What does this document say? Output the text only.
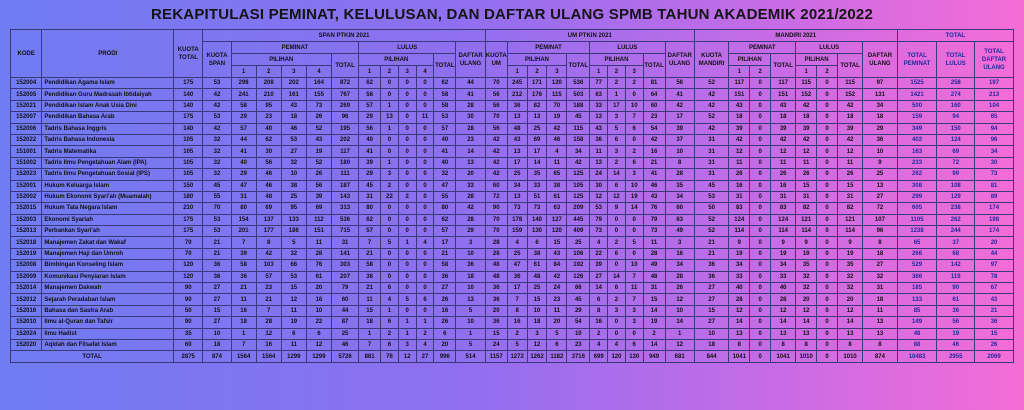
REKAPITULASI PEMINAT, KELULUSAN, DAN DAFTAR ULANG SPMB TAHUN AKADEMIK 2021/2022
KODE	PRODI	KUOTA TOTAL	SPAN PTKIN 2021												UM PTKIN 2021										MANDIRI 2021								TOTAL		
			KUOTA SPAN	PEMINAT					LULUS					DAFTAR ULANG	KUOTA UM	PEMINAT				LULUS				DAFTAR ULANG	KUOTA MANDIRI	PEMINAT			LULUS			DAFTAR ULANG	TOTAL PEMINAT	TOTAL LULUS	TOTAL DAFTAR ULANG
				PILIHAN				TOTAL	PILIHAN				TOTAL			PILIHAN			TOTAL	PILIHAN			TOTAL			PILIHAN		TOTAL	PILIHAN		TOTAL				
				1	2	3	4		1	2	3	4				1	2	3		1	2	3				1	2		1	2					
152004	Pendidikan Agama Islam	175	53	298	208	202	164	872	62	0	0	0	62	44	70	245	171	120	536	77	2	2	81	56	52	117	0	117	115	0	115	97	1525	258	197
152005	Pendidikan Guru Madrasah Ibtidaiyah	140	42	241	210	161	155	767	58	0	0	0	58	41	56	212	176	115	503	63	1	0	64	41	42	151	0	151	152	0	152	131	1421	274	213
152021	Pendidikan Islam Anak Usia Dini	140	42	58	95	43	73	269	57	1	0	0	58	28	56	36	82	70	188	33	17	10	60	42	42	43	0	43	42	0	42	34	500	160	104
152007	Pendidikan Bahasa Arab	175	53	29	23	18	26	96	29	13	0	11	53	30	70	13	13	19	45	13	3	7	23	17	52	18	0	18	18	0	18	18	159	94	65
152006	Tadris Bahasa Inggris	140	42	57	40	46	52	195	56	1	0	0	57	28	56	48	25	42	115	43	5	6	54	39	42	39	0	39	39	0	39	29	349	150	94
152022	Tadris Bahasa Indonesia	105	32	44	62	53	43	202	40	0	0	0	40	23	42	43	69	46	158	36	6	0	42	37	31	42	0	42	42	0	42	36	402	124	96
151001	Tadris Matematika	105	32	41	30	27	19	117	41	0	0	0	41	14	42	13	17	4	34	11	3	2	16	10	31	12	0	12	12	0	12	10	163	69	34
151002	Tadris Ilmu Pengetahuan Alam (IPA)	105	32	40	56	32	52	180	39	1	0	0	40	13	42	17	14	11	42	13	2	6	21	8	31	11	0	11	11	0	11	9	233	72	30
152023	Tadris Ilmu Pengetahuan Sosial (IPS)	105	32	29	46	10	26	111	29	3	0	0	32	20	42	25	35	65	125	24	14	3	41	28	31	26	0	26	26	0	26	25	262	99	73
152001	Hukum Keluarga Islam	150	45	47	46	38	56	187	45	2	0	0	47	33	60	34	33	38	105	30	6	10	46	35	45	16	0	16	15	0	15	13	308	108	81
152002	Hukum Ekonomi Syari'ah (Muamalah)	180	55	31	48	25	39	143	31	22	2	0	55	28	72	13	51	61	125	12	12	19	43	34	53	31	0	31	31	0	31	27	299	129	89
152015	Hukum Tata Negara Islam	210	70	80	69	95	69	313	80	0	0	0	80	42	90	73	73	63	209	53	9	14	76	60	50	83	0	83	82	0	82	72	605	238	174
152003	Ekonomi Syariah	175	53	154	137	133	112	536	62	0	0	0	62	28	70	178	140	127	445	79	0	0	79	63	52	124	0	124	121	0	121	107	1105	262	198
152013	Perbankan Syari'ah	175	53	201	177	186	151	715	57	0	0	0	57	29	70	159	130	120	409	73	0	0	73	49	52	114	0	114	114	0	114	96	1238	244	174
152018	Manajemen Zakat dan Wakaf	70	21	7	8	5	11	31	7	5	1	4	17	3	28	4	6	15	25	4	2	5	11	3	21	9	0	9	9	0	9	8	65	37	20
152019	Manajemen Haji dan Umroh	70	21	39	42	32	28	141	21	0	0	0	21	10	28	25	38	43	106	22	6	0	28	16	21	19	0	19	19	0	19	18	266	68	44
152008	Bimbingan Konseling Islam	120	36	58	103	66	76	303	58	0	0	0	58	36	48	47	61	84	192	39	0	10	49	34	36	34	0	34	35	0	35	27	529	142	97
152009	Komunikasi Penyiaran Islam	120	36	36	57	53	61	207	36	0	0	0	36	18	48	36	48	42	126	27	14	7	48	28	36	33	0	33	32	0	32	32	366	119	78
152014	Manajemen Dakwah	90	27	21	23	15	20	79	21	6	0	0	27	10	36	17	25	24	66	14	6	11	31	26	27	40	0	40	32	0	32	31	185	90	67
152012	Sejarah Peradaban Islam	90	27	11	21	12	16	60	11	4	5	6	26	13	36	7	15	23	45	6	2	7	15	12	27	28	0	28	20	0	20	18	133	61	43
152016	Bahasa dan Sastra Arab	50	15	16	7	11	10	44	15	1	0	0	16	5	20	8	10	11	29	8	3	3	14	10	15	12	0	12	12	0	12	11	85	36	21
152010	Ilmu al-Quran dan Tafsir	90	27	18	28	19	22	87	18	6	1	1	26	10	36	16	18	20	54	16	0	3	19	14	27	14	0	14	14	0	14	13	149	56	36
152024	Ilmu Hadist	35	10	1	12	6	6	25	1	2	1	2	6	1	15	2	3	5	10	2	0	0	2	1	10	13	0	13	13	0	13	13	48	19	15
152020	Aqidah dan Filsafat Islam	60	18	7	16	11	12	46	7	6	3	4	20	5	24	5	12	6	23	4	4	6	14	12	18	8	0	8	8	0	8	8	88	46	26
TOTAL		2875	874	1564	1564	1299	1299	5726	881	76	12	27	996	514	1157	1272	1262	1182	3716	699	120	130	949	681	844	1041	0	1041	1010	0	1010	874	10483	2955	2069
